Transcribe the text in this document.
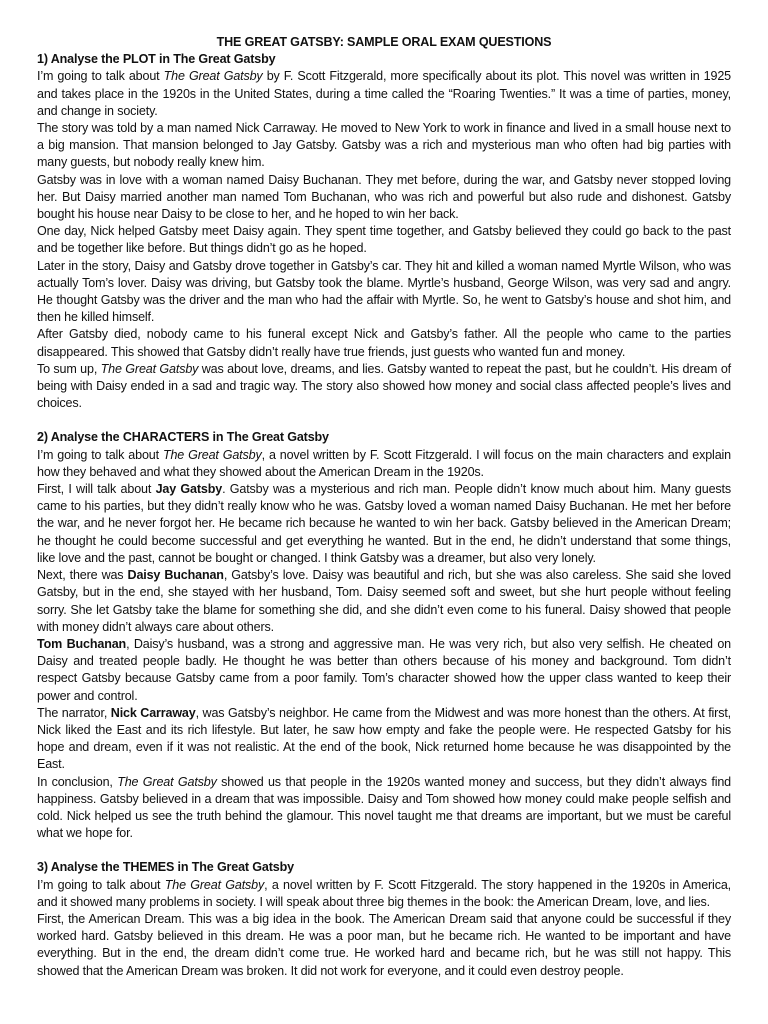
THE GREAT GATSBY: SAMPLE ORAL EXAM QUESTIONS

1) Analyse the PLOT in The Great Gatsby

I’m going to talk about The Great Gatsby by F. Scott Fitzgerald, more specifically about its plot. This novel was written in 1925 and takes place in the 1920s in the United States, during a time called the “Roaring Twenties.” It was a time of parties, money, and change in society.

The story was told by a man named Nick Carraway. He moved to New York to work in finance and lived in a small house next to a big mansion. That mansion belonged to Jay Gatsby. Gatsby was a rich and mysterious man who often had big parties with many guests, but nobody really knew him.

Gatsby was in love with a woman named Daisy Buchanan. They met before, during the war, and Gatsby never stopped loving her. But Daisy married another man named Tom Buchanan, who was rich and powerful but also rude and dishonest. Gatsby bought his house near Daisy to be close to her, and he hoped to win her back.

One day, Nick helped Gatsby meet Daisy again. They spent time together, and Gatsby believed they could go back to the past and be together like before. But things didn’t go as he hoped.

Later in the story, Daisy and Gatsby drove together in Gatsby’s car. They hit and killed a woman named Myrtle Wilson, who was actually Tom’s lover. Daisy was driving, but Gatsby took the blame. Myrtle’s husband, George Wilson, was very sad and angry. He thought Gatsby was the driver and the man who had the affair with Myrtle. So, he went to Gatsby’s house and shot him, and then he killed himself.

After Gatsby died, nobody came to his funeral except Nick and Gatsby’s father. All the people who came to the parties disappeared. This showed that Gatsby didn’t really have true friends, just guests who wanted fun and money.

To sum up, The Great Gatsby was about love, dreams, and lies. Gatsby wanted to repeat the past, but he couldn’t. His dream of being with Daisy ended in a sad and tragic way. The story also showed how money and social class affected people’s lives and choices.

2) Analyse the CHARACTERS in The Great Gatsby

I’m going to talk about The Great Gatsby, a novel written by F. Scott Fitzgerald. I will focus on the main characters and explain how they behaved and what they showed about the American Dream in the 1920s.

First, I will talk about Jay Gatsby. Gatsby was a mysterious and rich man. People didn’t know much about him. Many guests came to his parties, but they didn’t really know who he was. Gatsby loved a woman named Daisy Buchanan. He met her before the war, and he never forgot her. He became rich because he wanted to win her back. Gatsby believed in the American Dream; he thought he could become successful and get everything he wanted. But in the end, he didn’t understand that some things, like love and the past, cannot be bought or changed. I think Gatsby was a dreamer, but also very lonely.

Next, there was Daisy Buchanan, Gatsby’s love. Daisy was beautiful and rich, but she was also careless. She said she loved Gatsby, but in the end, she stayed with her husband, Tom. Daisy seemed soft and sweet, but she hurt people without feeling sorry. She let Gatsby take the blame for something she did, and she didn’t even come to his funeral. Daisy showed that people with money didn’t always care about others.

Tom Buchanan, Daisy’s husband, was a strong and aggressive man. He was very rich, but also very selfish. He cheated on Daisy and treated people badly. He thought he was better than others because of his money and background. Tom didn’t respect Gatsby because Gatsby came from a poor family. Tom’s character showed how the upper class wanted to keep their power and control.

The narrator, Nick Carraway, was Gatsby’s neighbor. He came from the Midwest and was more honest than the others. At first, Nick liked the East and its rich lifestyle. But later, he saw how empty and fake the people were. He respected Gatsby for his hope and dream, even if it was not realistic. At the end of the book, Nick returned home because he was disappointed by the East.

In conclusion, The Great Gatsby showed us that people in the 1920s wanted money and success, but they didn’t always find happiness. Gatsby believed in a dream that was impossible. Daisy and Tom showed how money could make people selfish and cold. Nick helped us see the truth behind the glamour. This novel taught me that dreams are important, but we must be careful what we hope for.

3) Analyse the THEMES in The Great Gatsby

I’m going to talk about The Great Gatsby, a novel written by F. Scott Fitzgerald. The story happened in the 1920s in America, and it showed many problems in society. I will speak about three big themes in the book: the American Dream, love, and lies.

First, the American Dream. This was a big idea in the book. The American Dream said that anyone could be successful if they worked hard. Gatsby believed in this dream. He was a poor man, but he became rich. He wanted to be important and have everything. But in the end, the dream didn’t come true. He worked hard and became rich, but he was still not happy. This showed that the American Dream was broken. It did not work for everyone, and it could even destroy people.
